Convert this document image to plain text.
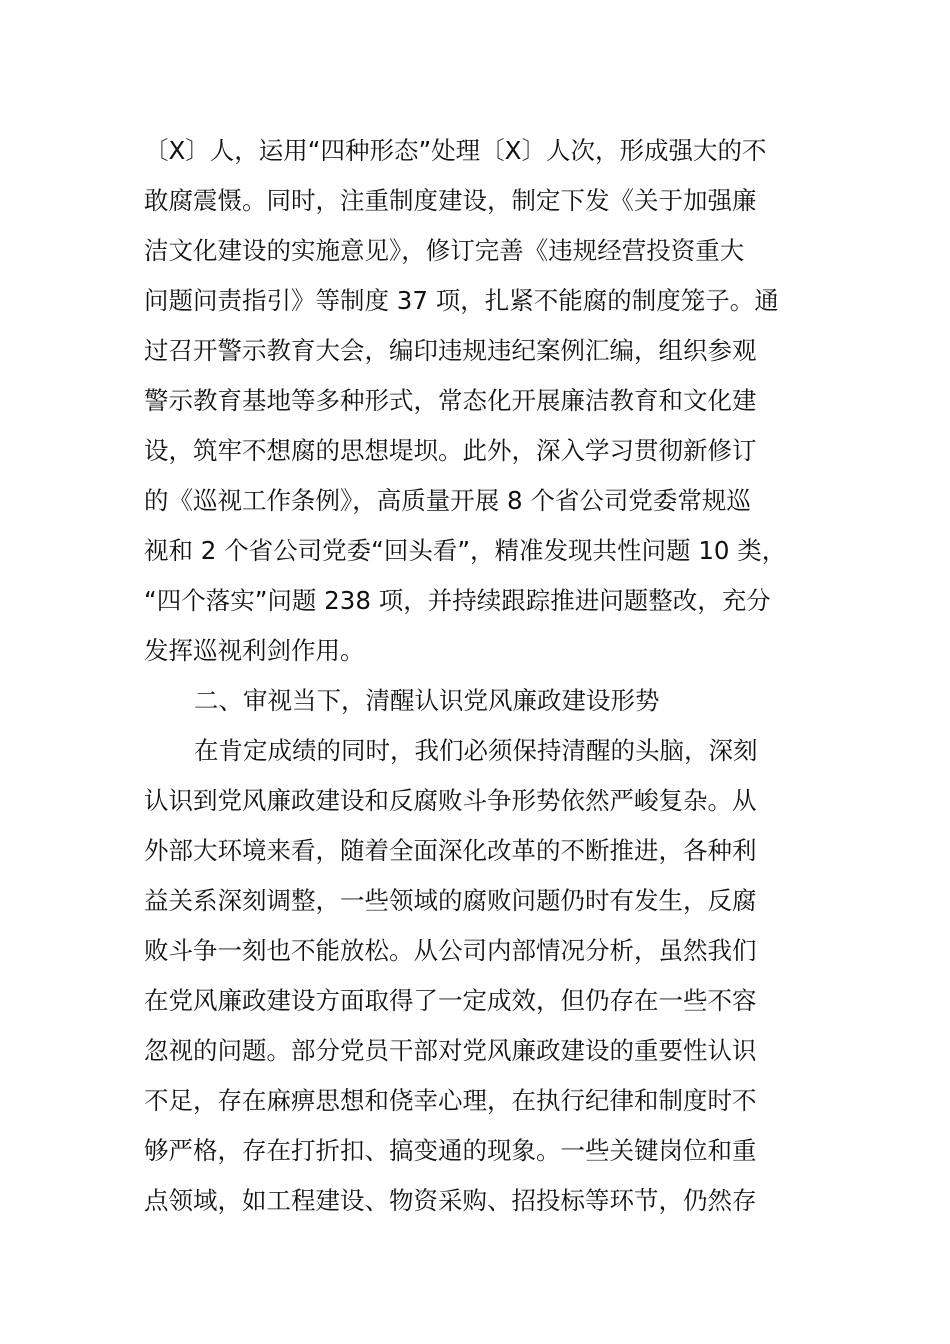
〔X〕人，运用“四种形态”处理〔X〕人次，形成强大的不
敢腐震慑。同时，注重制度建设，制定下发《关于加强廉
洁文化建设的实施意见》，修订完善《违规经营投资重大
问题问责指引》等制度 37 项，扎紧不能腐的制度笼子。通
过召开警示教育大会，编印违规违纪案例汇编，组织参观
警示教育基地等多种形式，常态化开展廉洁教育和文化建
设，筑牢不想腐的思想堤坝。此外，深入学习贯彻新修订
的《巡视工作条例》，高质量开展 8 个省公司党委常规巡
视和 2 个省公司党委“回头看”，精准发现共性问题 10 类，
“四个落实”问题 238 项，并持续跟踪推进问题整改，充分
发挥巡视利剑作用。
二、审视当下，清醒认识党风廉政建设形势
在肯定成绩的同时，我们必须保持清醒的头脑，深刻
认识到党风廉政建设和反腐败斗争形势依然严峻复杂。从
外部大环境来看，随着全面深化改革的不断推进，各种利
益关系深刻调整，一些领域的腐败问题仍时有发生，反腐
败斗争一刻也不能放松。从公司内部情况分析，虽然我们
在党风廉政建设方面取得了一定成效，但仍存在一些不容
忽视的问题。部分党员干部对党风廉政建设的重要性认识
不足，存在麻痹思想和侥幸心理，在执行纪律和制度时不
够严格，存在打折扣、搞变通的现象。一些关键岗位和重
点领域，如工程建设、物资采购、招投标等环节，仍然存
